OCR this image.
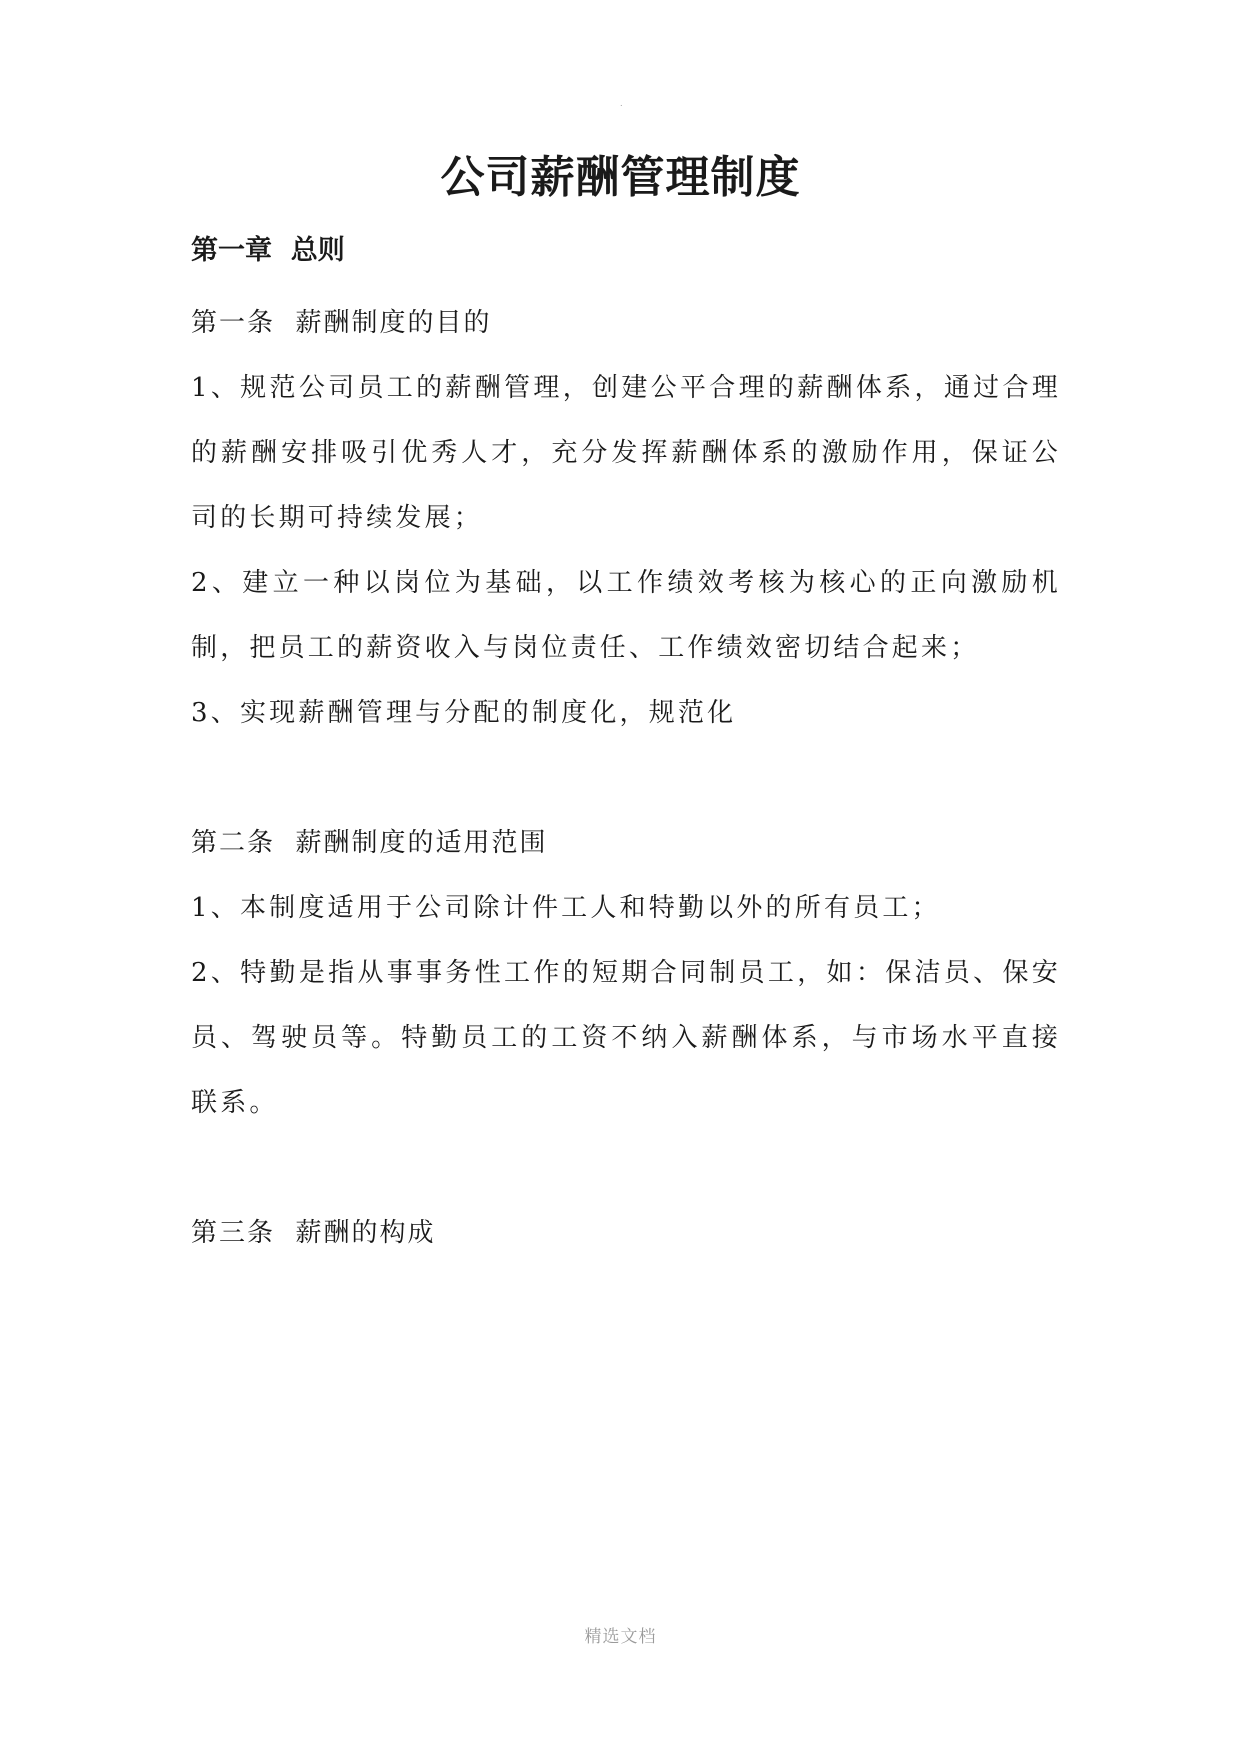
.
公司薪酬管理制度
第一章  总则
第一条  薪酬制度的目的

1、规范公司员工的薪酬管理，创建公平合理的薪酬体系，通过合理的薪酬安排吸引优秀人才，充分发挥薪酬体系的激励作用，保证公司的长期可持续发展；

2、建立一种以岗位为基础，以工作绩效考核为核心的正向激励机制，把员工的薪资收入与岗位责任、工作绩效密切结合起来；

3、实现薪酬管理与分配的制度化，规范化

第二条  薪酬制度的适用范围

1、本制度适用于公司除计件工人和特勤以外的所有员工；

2、特勤是指从事事务性工作的短期合同制员工，如：保洁员、保安员、驾驶员等。特勤员工的工资不纳入薪酬体系，与市场水平直接联系。

第三条  薪酬的构成
精选文档
